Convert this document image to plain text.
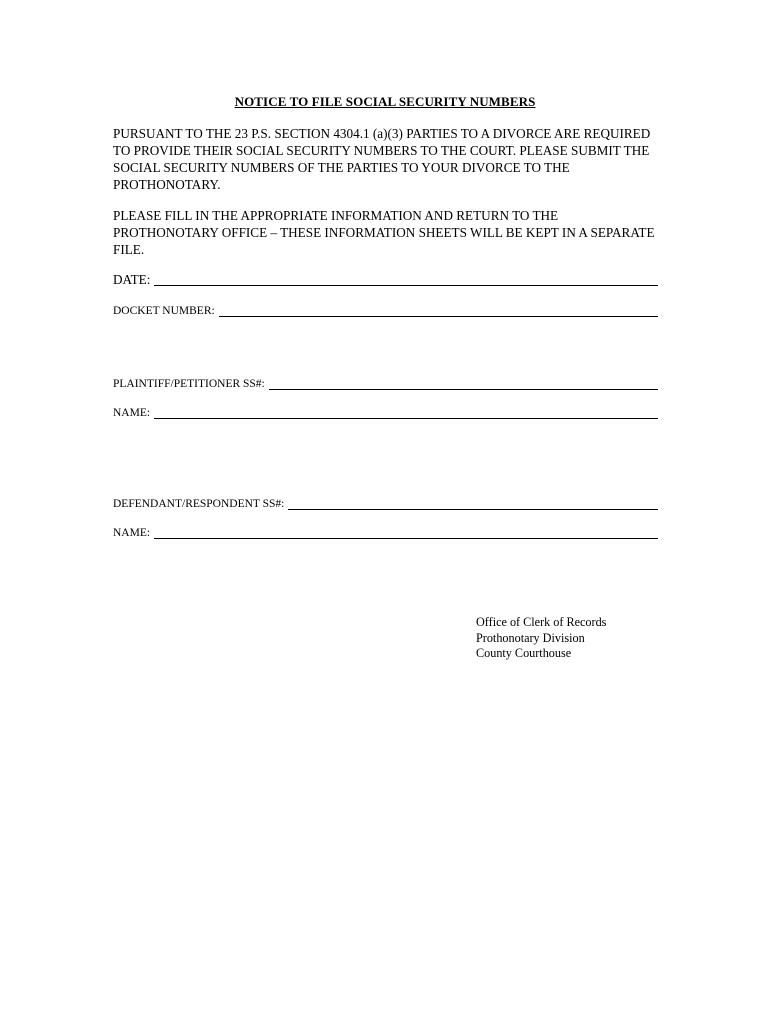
NOTICE TO FILE SOCIAL SECURITY NUMBERS

PURSUANT TO THE 23 P.S. SECTION 4304.1 (a)(3) PARTIES TO A DIVORCE ARE REQUIRED TO PROVIDE THEIR SOCIAL SECURITY NUMBERS TO THE COURT. PLEASE SUBMIT THE SOCIAL SECURITY NUMBERS OF THE PARTIES TO YOUR DIVORCE TO THE PROTHONOTARY.

PLEASE FILL IN THE APPROPRIATE INFORMATION AND RETURN TO THE PROTHONOTARY OFFICE – THESE INFORMATION SHEETS WILL BE KEPT IN A SEPARATE FILE.

DATE:
DOCKET NUMBER:
PLAINTIFF/PETITIONER SS#:
NAME:
DEFENDANT/RESPONDENT SS#:
NAME:
Office of Clerk of Records
Prothonotary Division
County Courthouse
